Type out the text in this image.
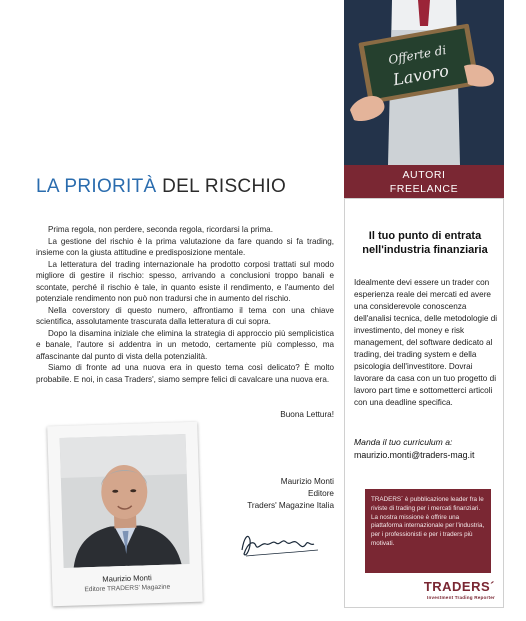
LA PRIORITÀ DEL RISCHIO

Prima regola, non perdere, seconda regola, ricordarsi la prima.

La gestione del rischio è la prima valutazione da fare quando si fa trading, insieme con la giusta attitudine e predisposizione mentale.

La letteratura del trading internazionale ha prodotto corposi trattati sul modo migliore di gestire il rischio: spesso, arrivando a conclusioni troppo banali e scontate, perché il rischio è tale, in quanto esiste il rendimento, e l'aumento del potenziale rendimento non può non tradursi che in aumento del rischio.

Nella coverstory di questo numero, affrontiamo il tema con una chiave scientifica, assolutamente trascurata dalla letteratura di cui sopra.

Dopo la disamina iniziale che elimina la strategia di approccio più semplicistica e banale, l'autore si addentra in un metodo, certamente più complesso, ma affascinante dal punto di vista della potenzialità.

Siamo di fronte ad una nuova era in questo tema così delicato? È molto probabile. E noi, in casa Traders', siamo sempre felici di cavalcare una nuova era.

Buona Lettura!
Maurizio Monti
Editore
Traders' Magazine Italia
Maurizio Monti
Editore TRADERS' Magazine
Offerte di
Lavoro
AUTORI
FREELANCE
Il tuo punto di entrata
nell'industria finanziaria
Idealmente devi essere un trader con esperienza reale dei mercati ed avere una considerevole conoscenza dell'analisi tecnica, delle metodologie di investimento, del money e risk management, del software dedicato al trading, dei trading system e della psicologia dell'investitore. Dovrai lavorare da casa con un tuo progetto di lavoro part time e sottometterci articoli con una deadline specifica.
Manda il tuo curriculum a:
maurizio.monti@traders-mag.it
TRADERS´ è pubblicazione leader fra le riviste di trading per i mercati finanziari. La nostra missione è offrire una piattaforma internazionale per l'industria, per i professionisti e per i traders più motivati.
TRADERS´
Investment Trading Reporter
